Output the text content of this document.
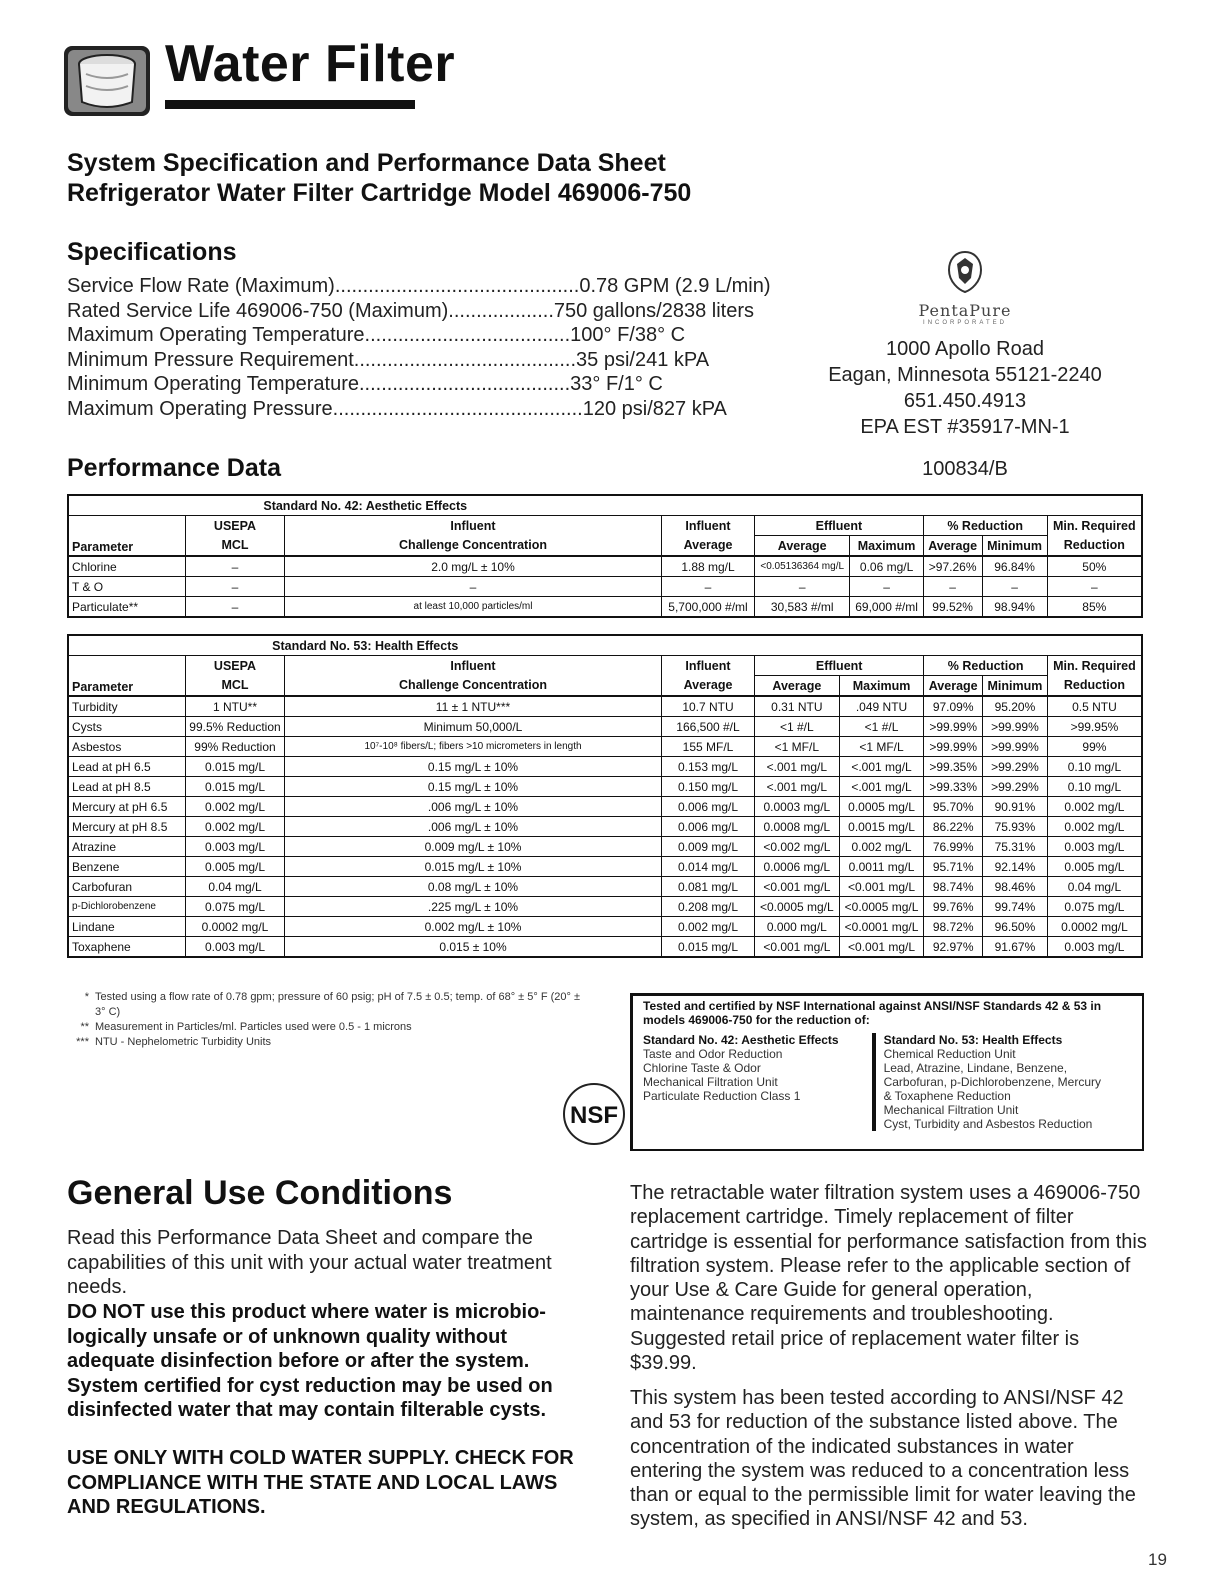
Water Filter
System Specification and Performance Data Sheet
Refrigerator Water Filter Cartridge Model 469006-750
Specifications
Service Flow Rate (Maximum) ............................................ 0.78 GPM (2.9 L/min)
Rated Service Life 469006-750 (Maximum) ................... 750 gallons/2838 liters
Maximum Operating Temperature ..................................... 100° F/38° C
Minimum Pressure Requirement ........................................ 35 psi/241 kPA
Minimum Operating Temperature ...................................... 33° F/1° C
Maximum Operating Pressure ............................................. 120 psi/827 kPA
PentaPure
INCORPORATED
1000 Apollo Road
Eagan, Minnesota 55121-2240
651.450.4913
EPA EST #35917-MN-1
100834/B
Performance Data
Standard No. 42: Aesthetic Effects								
Parameter	USEPA	Influent	Influent	Effluent		% Reduction		Min. Required
	MCL	Challenge Concentration	Average	Average	Maximum	Average	Minimum	Reduction
Chlorine	–	2.0 mg/L ± 10%	1.88 mg/L	<0.05136364 mg/L	0.06 mg/L	>97.26%	96.84%	50%
T & O	–	–	–	–	–	–	–	–
Particulate**	–	at least 10,000 particles/ml	5,700,000 #/ml	30,583 #/ml	69,000 #/ml	99.52%	98.94%	85%
Standard No. 53: Health Effects								
Parameter	USEPA	Influent	Influent	Effluent		% Reduction		Min. Required
	MCL	Challenge Concentration	Average	Average	Maximum	Average	Minimum	Reduction
Turbidity	1 NTU**	11 ± 1 NTU***	10.7 NTU	0.31 NTU	.049 NTU	97.09%	95.20%	0.5 NTU
Cysts	99.5% Reduction	Minimum 50,000/L	166,500 #/L	<1 #/L	<1 #/L	>99.99%	>99.99%	>99.95%
Asbestos	99% Reduction	10⁷-10⁸ fibers/L; fibers >10 micrometers in length	155 MF/L	<1 MF/L	<1 MF/L	>99.99%	>99.99%	99%
Lead at pH 6.5	0.015 mg/L	0.15 mg/L ± 10%	0.153 mg/L	<.001 mg/L	<.001 mg/L	>99.35%	>99.29%	0.10 mg/L
Lead at pH 8.5	0.015 mg/L	0.15 mg/L ± 10%	0.150 mg/L	<.001 mg/L	<.001 mg/L	>99.33%	>99.29%	0.10 mg/L
Mercury at pH 6.5	0.002 mg/L	.006 mg/L ± 10%	0.006 mg/L	0.0003 mg/L	0.0005 mg/L	95.70%	90.91%	0.002 mg/L
Mercury at pH 8.5	0.002 mg/L	.006 mg/L ± 10%	0.006 mg/L	0.0008 mg/L	0.0015 mg/L	86.22%	75.93%	0.002 mg/L
Atrazine	0.003 mg/L	0.009 mg/L ± 10%	0.009 mg/L	<0.002 mg/L	0.002 mg/L	76.99%	75.31%	0.003 mg/L
Benzene	0.005 mg/L	0.015 mg/L ± 10%	0.014 mg/L	0.0006 mg/L	0.0011 mg/L	95.71%	92.14%	0.005 mg/L
Carbofuran	0.04 mg/L	0.08 mg/L ± 10%	0.081 mg/L	<0.001 mg/L	<0.001 mg/L	98.74%	98.46%	0.04 mg/L
p-Dichlorobenzene	0.075 mg/L	.225 mg/L ± 10%	0.208 mg/L	<0.0005 mg/L	<0.0005 mg/L	99.76%	99.74%	0.075 mg/L
Lindane	0.0002 mg/L	0.002 mg/L ± 10%	0.002 mg/L	0.000 mg/L	<0.0001 mg/L	98.72%	96.50%	0.0002 mg/L
Toxaphene	0.003 mg/L	0.015 ± 10%	0.015 mg/L	<0.001 mg/L	<0.001 mg/L	92.97%	91.67%	0.003 mg/L
* Tested using a flow rate of 0.78 gpm; pressure of 60 psig; pH of 7.5 ± 0.5; temp. of 68° ± 5° F (20° ± 3° C)
** Measurement in Particles/ml. Particles used were 0.5 - 1 microns
*** NTU - Nephelometric Turbidity Units
NSF
Tested and certified by NSF International against ANSI/NSF Standards 42 & 53 in models 469006-750 for the reduction of:
Standard No. 42: Aesthetic Effects
Taste and Odor Reduction
Chlorine Taste & Odor
Mechanical Filtration Unit
Particulate Reduction Class 1
Standard No. 53: Health Effects
Chemical Reduction Unit
Lead, Atrazine, Lindane, Benzene,
Carbofuran, p-Dichlorobenzene, Mercury
& Toxaphene Reduction
Mechanical Filtration Unit
Cyst, Turbidity and Asbestos Reduction
General Use Conditions
Read this Performance Data Sheet and compare the capabilities of this unit with your actual water treatment needs.
DO NOT use this product where water is microbio-logically unsafe or of unknown quality without adequate disinfection before or after the system. System certified for cyst reduction may be used on disinfected water that may contain filterable cysts.
USE ONLY WITH COLD WATER SUPPLY. CHECK FOR COMPLIANCE WITH THE STATE AND LOCAL LAWS AND REGULATIONS.
The retractable water filtration system uses a 469006-750 replacement cartridge. Timely replacement of filter cartridge is essential for performance satisfaction from this filtration system. Please refer to the applicable section of your Use & Care Guide for general operation, maintenance requirements and troubleshooting. Suggested retail price of replacement water filter is $39.99.
This system has been tested according to ANSI/NSF 42 and 53 for reduction of the substance listed above. The concentration of the indicated substances in water entering the system was reduced to a concentration less than or equal to the permissible limit for water leaving the system, as specified in ANSI/NSF 42 and 53.
19
